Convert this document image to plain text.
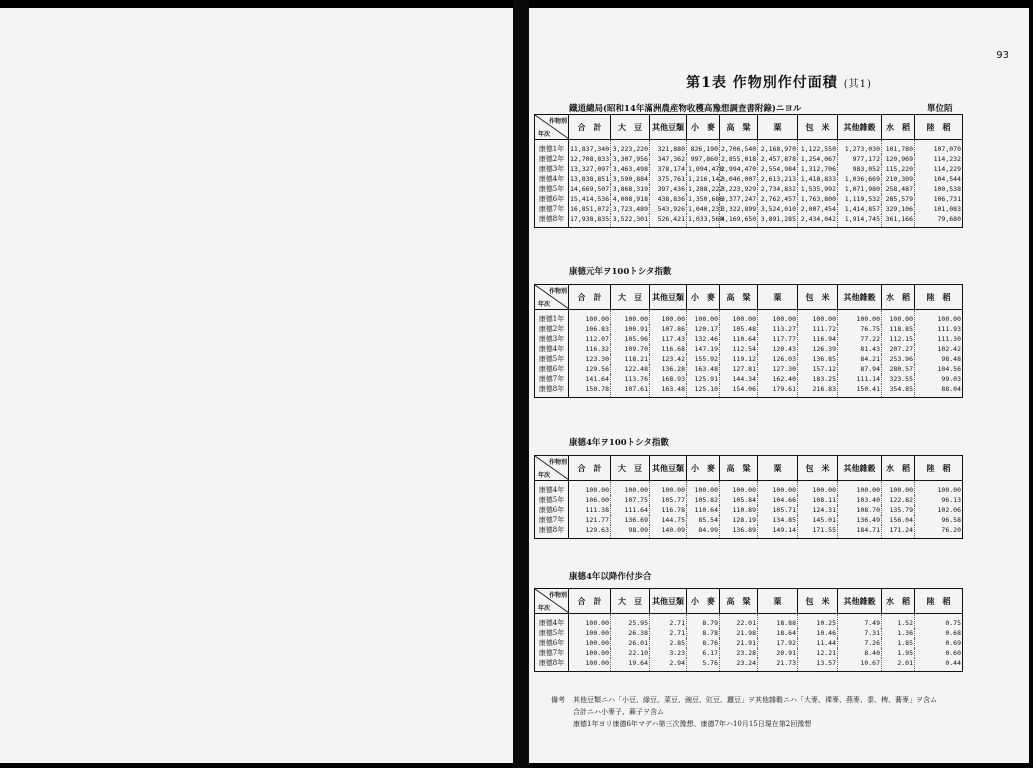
93
第1表 作物別作付面積 (其1)
鐵道總局(昭和14年滿洲農産物收穫高豫想調査書附錄)ニヨル	單位陌
康德元年ヲ100トシタ指數
康德4年ヲ100トシタ指數
康德4年以降作付歩合
作物別
年次	合　計	大　豆	其他豆類	小　麥	高　粱	粟	包　米	其他雜穀	水　稻	陸　稻
康德1年	11,837,340	3,223,220	321,880	826,190	2,706,540	2,168,970	1,122,550	1,273,030	101,780	107,070
康德2年	12,708,833	3,307,956	347,362	997,860	2,855,018	2,457,878	1,254,067	977,172	120,969	114,232
康德3年	13,327,097	3,463,498	378,174	1,094,478	2,994,470	2,554,984	1,312,706	983,052	115,220	114,229
康德4年	13,838,851	3,590,884	375,761	1,216,142	3,046,007	2,613,213	1,418,833	1,036,669	210,309	104,544
康德5年	14,669,507	3,868,319	397,436	1,288,222	3,223,929	2,734,832	1,535,992	1,071,980	258,487	100,538
康德6年	15,414,536	4,008,918	438,836	1,350,686	3,377,247	2,762,457	1,763,800	1,119,532	285,579	106,731
康德7年	16,851,072	3,723,489	543,926	1,040,231	3,322,899	3,524,010	2,007,454	1,414,857	329,106	101,083
康德8年	17,938,835	3,522,301	526,421	1,033,560	4,169,650	3,891,285	2,434,042	1,914,745	361,166	79,680
作物別
年次	合　計	大　豆	其他豆類	小　麥	高　粱	粟	包　米	其他雜穀	水　稻	陸　稻
康德1年	100.00	100.00	100.00	100.00	100.00	100.00	100.00	100.00	100.00	100.00
康德2年	106.83	100.91	107.86	120.17	105.48	113.27	111.72	76.75	118.85	111.93
康德3年	112.07	105.96	117.43	132.46	110.64	117.77	116.94	77.22	112.15	111.30
康德4年	116.32	109.70	116.68	147.19	112.54	120.43	126.39	81.43	207.27	102.42
康德5年	123.30	118.21	123.42	155.92	119.12	126.03	136.85	84.21	253.96	98.48
康德6年	129.56	122.48	136.28	163.48	127.81	127.30	157.12	87.94	280.57	104.56
康德7年	141.64	113.76	168.93	125.91	144.34	162.40	183.25	111.14	323.55	99.03
康德8年	150.78	107.61	163.48	125.10	154.06	179.61	216.83	150.41	354.85	88.04
作物別
年次	合　計	大　豆	其他豆類	小　麥	高　粱	粟	包　米	其他雜穀	水　稻	陸　稻
康德4年	100.00	100.00	100.00	100.00	100.00	100.00	100.00	100.00	100.00	100.00
康德5年	106.00	107.75	105.77	105.82	105.84	104.66	108.11	103.40	122.82	96.13
康德6年	111.38	111.64	116.78	110.64	110.89	105.71	124.31	108.70	135.79	102.06
康德7年	121.77	136.69	144.75	85.54	128.19	134.85	145.01	136.49	156.04	96.58
康德8年	129.63	98.09	140.09	84.99	136.89	149.14	171.55	184.71	171.24	76.20
作物別
年次	合　計	大　豆	其他豆類	小　麥	高　粱	粟	包　米	其他雜穀	水　稻	陸　稻
康德4年	100.00	25.95	2.71	8.79	22.01	18.88	10.25	7.49	1.52	0.75
康德5年	100.00	26.38	2.71	8.78	21.98	18.64	10.46	7.31	1.36	0.68
康德6年	100.00	26.01	2.85	8.76	21.91	17.92	11.44	7.26	1.85	0.69
康德7年	100.00	22.10	3.23	6.17	23.28	20.91	12.21	8.40	1.95	0.60
康德8年	100.00	19.64	2.94	5.76	23.24	21.73	13.57	10.67	2.01	0.44
備考 其他豆類ニハ「小豆、綠豆、菜豆、豌豆、豇豆、蠶豆」ヲ其他雜穀ニハ「大麥、裸麥、燕麥、黍、稗、蕎麥」ヲ含ム
合計ニハ小麥子、蔴子ヲ含ム
康德1年ヨリ康德6年マデハ第三次豫想、康德7年ハ10月15日現在第2回豫想
